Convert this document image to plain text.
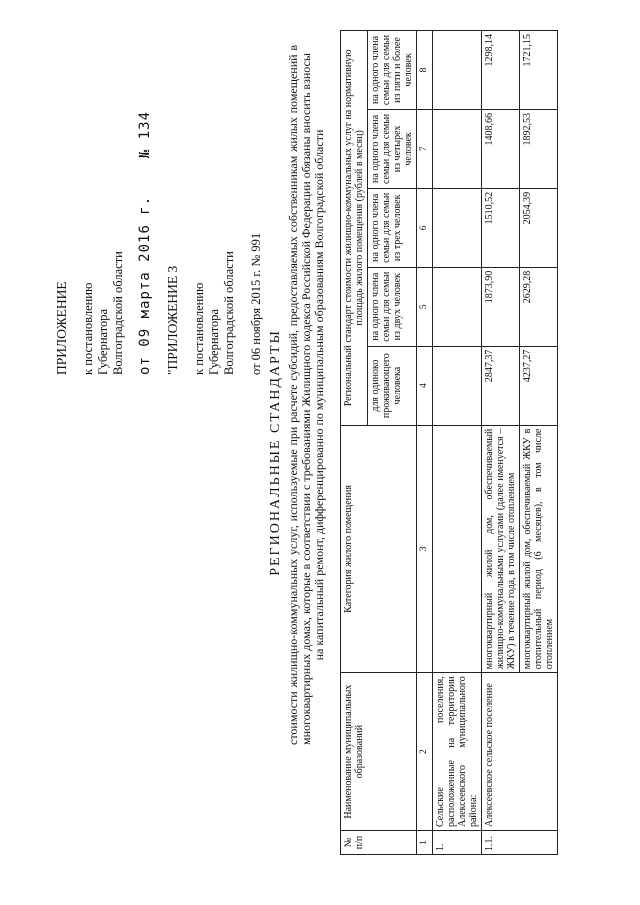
ПРИЛОЖЕНИЕ к постановлению Губернатора Волгоградской области от 09 марта 2016 г.    № 134
"ПРИЛОЖЕНИЕ 3 к постановлению Губернатора Волгоградской области от 06 ноября 2015 г. № 991
РЕГИОНАЛЬНЫЕ СТАНДАРТЫ стоимости жилищно-коммунальных услуг, используемые при расчете субсидий, предоставляемых собственникам жилых помещений в многоквартирных домах, которые в соответствии с требованиями Жилищного кодекса Российской Федерации обязаны вносить взносы на капитальный ремонт, дифференцированно по муниципальным образованиям Волгоградской области
№ п/п	Наименование муниципальных образований	Категория жилого помещения	Региональный стандарт стоимости жилищно-коммунальных услуг на нормативную площадь жилого помещения (рублей в месяц)				
			для одиноко проживающего человека	на одного члена семьи для семьи из двух человек	на одного члена семьи для семьи из трех человек	на одного члена семьи для семьи из четырех человек	на одного члена семьи для семьи из пяти и более человек
1	2	3	4	5	6	7	8
1.	Сельские поселения, расположенные на территории Алексеевского муниципального района:						
1.1.	Алексеевское сельское поселение	многоквартирный жилой дом, обеспечиваемый жилищно-коммунальными услугами (далее именуется – ЖКУ) в течение года, в том числе отоплением	2847,37	1873,90	1510,52	1408,66	1298,14
		многоквартирный жилой дом, обеспечиваемый ЖКУ в отопительный период (6 месяцев), в том числе отоплением	4237,27	2629,28	2054,39	1892,53	1721,15
